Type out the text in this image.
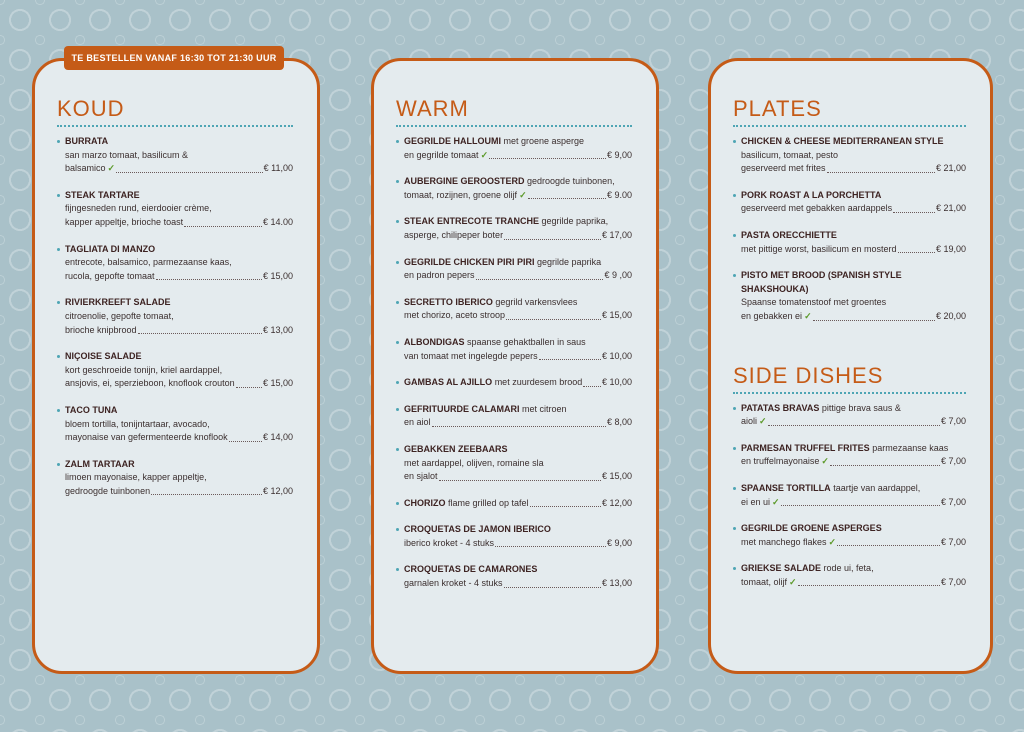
TE BESTELLEN VANAF 16:30 TOT 21:30 UUR
KOUD
BURRATA
san marzo tomaat, basilicum &
balsamico ✓	€ 11,00
STEAK TARTARE
fijngesneden rund, eierdooier crème,
kapper appeltje, brioche toast	€ 14.00
TAGLIATA DI MANZO
entrecote, balsamico, parmezaanse kaas,
rucola, gepofte tomaat	€ 15,00
RIVIERKREEFT SALADE
citroenolie, gepofte tomaat,
brioche knipbrood	€ 13,00
NIÇOISE SALADE
kort geschroeide tonijn, kriel aardappel,
ansjovis, ei, sperzieboon, knoflook crouton	€ 15,00
TACO TUNA
bloem tortilla, tonijntartaar, avocado,
mayonaise van gefermenteerde knoflook	€ 14,00
ZALM TARTAAR
limoen mayonaise, kapper appeltje,
gedroogde tuinbonen	€ 12,00
WARM
GEGRILDE HALLOUMI met groene asperge
en gegrilde tomaat ✓	€ 9,00
AUBERGINE GEROOSTERD gedroogde tuinbonen,
tomaat, rozijnen, groene olijf ✓	€ 9.00
STEAK ENTRECOTE TRANCHE gegrilde paprika,
asperge, chilipeper boter	€ 17,00
GEGRILDE CHICKEN PIRI PIRI gegrilde paprika
en padron pepers	€ 9 ,00
SECRETTO IBERICO gegrild varkensvlees
met chorizo, aceto stroop	€ 15,00
ALBONDIGAS spaanse gehaktballen in saus
van tomaat met ingelegde pepers	€ 10,00
GAMBAS AL AJILLO met zuurdesem brood € 10,00
GEFRITUURDE CALAMARI met citroen
en aiol	€ 8,00
GEBAKKEN ZEEBAARS
met aardappel, olijven, romaine sla
en sjalot	€ 15,00
CHORIZO flame grilled op tafel	€ 12,00
CROQUETAS DE JAMON IBERICO
iberico kroket - 4 stuks	€ 9,00
CROQUETAS DE CAMARONES
garnalen kroket - 4 stuks	€ 13,00
PLATES
CHICKEN & CHEESE MEDITERRANEAN STYLE
basilicum, tomaat, pesto
geserveerd met frites	€ 21,00
PORK ROAST A LA PORCHETTA
geserveerd met gebakken aardappels	€ 21,00
PASTA ORECCHIETTE
met pittige worst, basilicum en mosterd	€ 19,00
PISTO MET BROOD (SPANISH STYLE SHAKSHOUKA)
Spaanse tomatenstoof met groentes
en gebakken ei ✓	€ 20,00
SIDE DISHES
PATATAS BRAVAS pittige brava saus &
aioli ✓	€ 7,00
PARMESAN TRUFFEL FRITES parmezaanse kaas
en truffelmayonaise ✓	€ 7,00
SPAANSE TORTILLA taartje van aardappel,
ei en ui ✓	€ 7,00
GEGRILDE GROENE ASPERGES
met manchego flakes ✓	€ 7,00
GRIEKSE SALADE rode ui, feta,
tomaat, olijf ✓	€ 7,00
